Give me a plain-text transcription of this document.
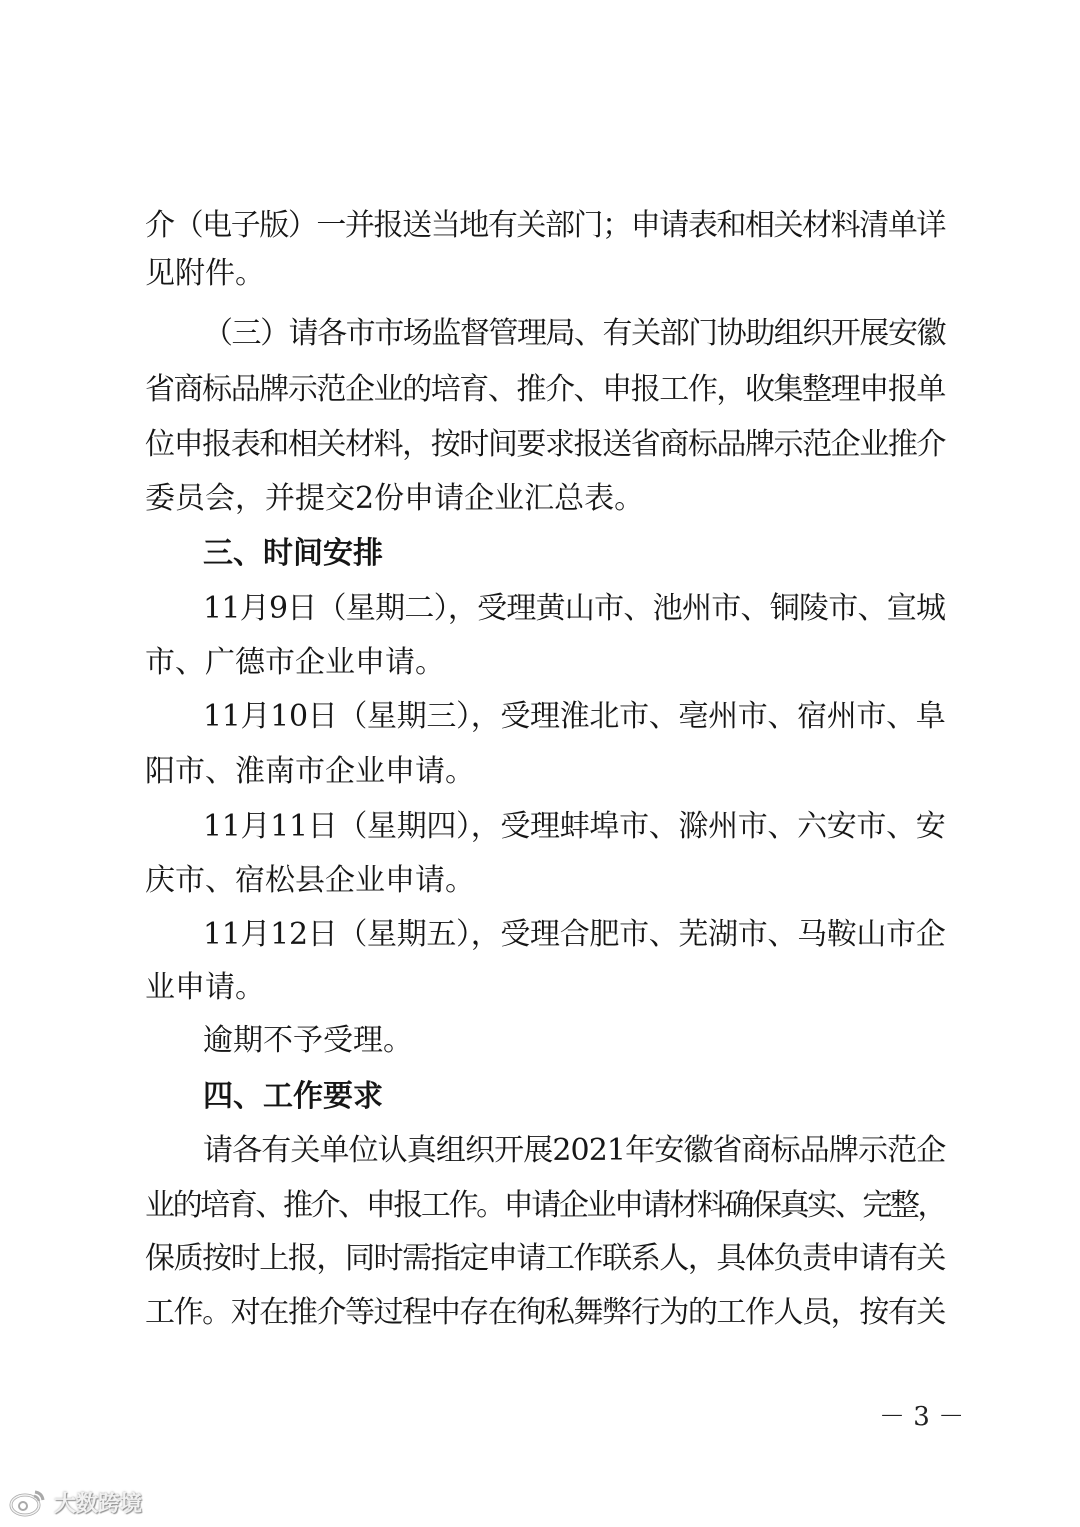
介（电子版）一并报送当地有关部门；申请表和相关材料清单详

见附件。

（三）请各市市场监督管理局、有关部门协助组织开展安徽

省商标品牌示范企业的培育、推介、申报工作，收集整理申报单

位申报表和相关材料，按时间要求报送省商标品牌示范企业推介

委员会，并提交2份申请企业汇总表。

三、时间安排

11月9日（星期二），受理黄山市、池州市、铜陵市、宣城

市、广德市企业申请。

11月10日（星期三），受理淮北市、亳州市、宿州市、阜

阳市、淮南市企业申请。

11月11日（星期四），受理蚌埠市、滁州市、六安市、安

庆市、宿松县企业申请。

11月12日（星期五），受理合肥市、芜湖市、马鞍山市企

业申请。

逾期不予受理。

四、工作要求

请各有关单位认真组织开展2021年安徽省商标品牌示范企

业的培育、推介、申报工作。申请企业申请材料确保真实、完整，

保质按时上报，同时需指定申请工作联系人，具体负责申请有关

工作。对在推介等过程中存在徇私舞弊行为的工作人员，按有关

－ 3 －
大数跨境
